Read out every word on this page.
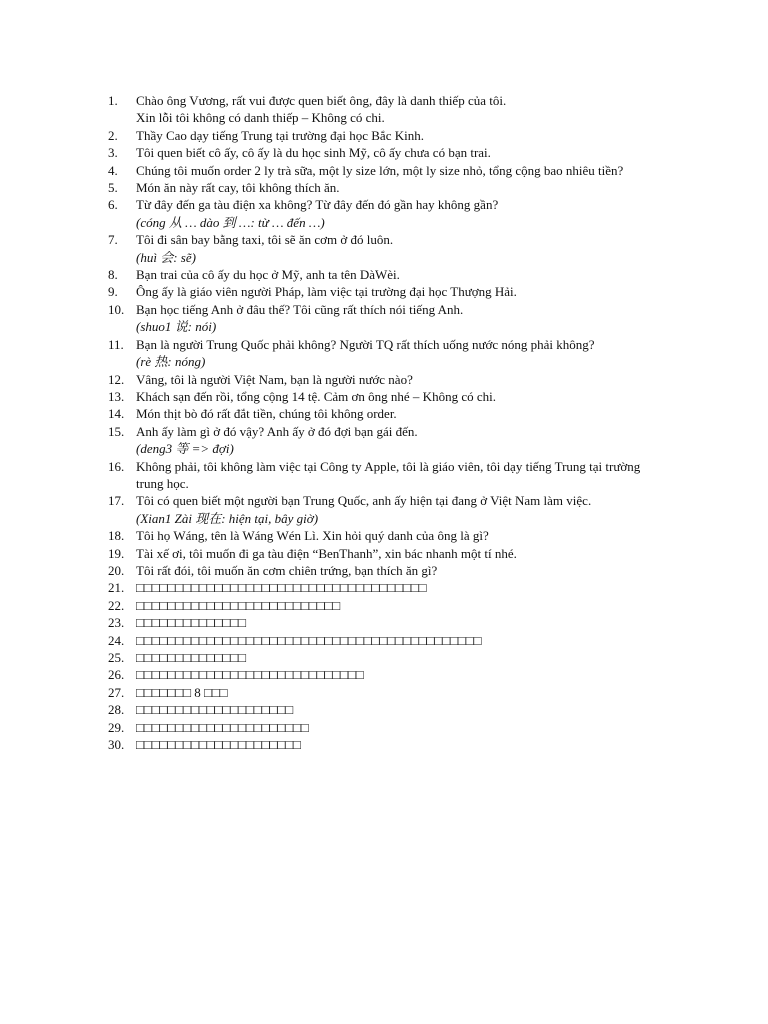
1.	Chào ông Vương, rất vui được quen biết ông, đây là danh thiếp của tôi.
Xin lỗi tôi không có danh thiếp – Không có chi.
2.	Thầy Cao dạy tiếng Trung tại trường đại học Bắc Kinh.
3.	Tôi quen biết cô ấy, cô ấy là du học sinh Mỹ, cô ấy chưa có bạn trai.
4.	Chúng tôi muốn order 2 ly trà sữa, một ly size lớn, một ly size nhỏ, tổng cộng bao nhiêu tiền?
5.	Món ăn này rất cay, tôi không thích ăn.
6.	Từ đây đến ga tàu điện xa không? Từ đây đến đó gần hay không gần?
(cóng 从 … dào 到 …: từ … đến …)
7.	Tôi đi sân bay bằng taxi, tôi sẽ ăn cơm ở đó luôn.
(huì 会: sẽ)
8.	Bạn trai của cô ấy du học ở Mỹ, anh ta tên DàWèi.
9.	Ông ấy là giáo viên người Pháp, làm việc tại trường đại học Thượng Hải.
10. Bạn học tiếng Anh ở đâu thế? Tôi cũng rất thích nói tiếng Anh.
(shuo1 说: nói)
11. Bạn là người Trung Quốc phải không? Người TQ rất thích uống nước nóng phải không?
(rè 热: nóng)
12. Vâng, tôi là người Việt Nam, bạn là người nước nào?
13. Khách sạn đến rồi, tổng cộng 14 tệ. Cảm ơn ông nhé – Không có chi.
14. Món thịt bò đó rất đắt tiền, chúng tôi không order.
15. Anh ấy làm gì ở đó vậy? Anh ấy ở đó đợi bạn gái đến.
(deng3 等 => đợi)
16. Không phải, tôi không làm việc tại Công ty Apple, tôi là giáo viên, tôi dạy tiếng Trung tại trường
trung học.
17. Tôi có quen biết một người bạn Trung Quốc, anh ấy hiện tại đang ở Việt Nam làm việc.
(Xian1 Zài 现在: hiện tại, bây giờ)
18. Tôi họ Wáng, tên là Wáng Wén Lì. Xin hỏi quý danh của ông là gì?
19. Tài xế ơi, tôi muốn đi ga tàu điện “BenThanh”, xin bác nhanh một tí nhé.
20. Tôi rất đói, tôi muốn ăn cơm chiên trứng, bạn thích ăn gì?
21. □□□□□□□□□□□□□□□□□□□□□□□□□□□□□□□□□□□□□
22. □□□□□□□□□□□□□□□□□□□□□□□□□□
23. □□□□□□□□□□□□□□
24. □□□□□□□□□□□□□□□□□□□□□□□□□□□□□□□□□□□□□□□□□□□□
25. □□□□□□□□□□□□□□
26. □□□□□□□□□□□□□□□□□□□□□□□□□□□□□
27. □□□□□□□ 8 □□□
28. □□□□□□□□□□□□□□□□□□□□
29. □□□□□□□□□□□□□□□□□□□□□□
30. □□□□□□□□□□□□□□□□□□□□□
